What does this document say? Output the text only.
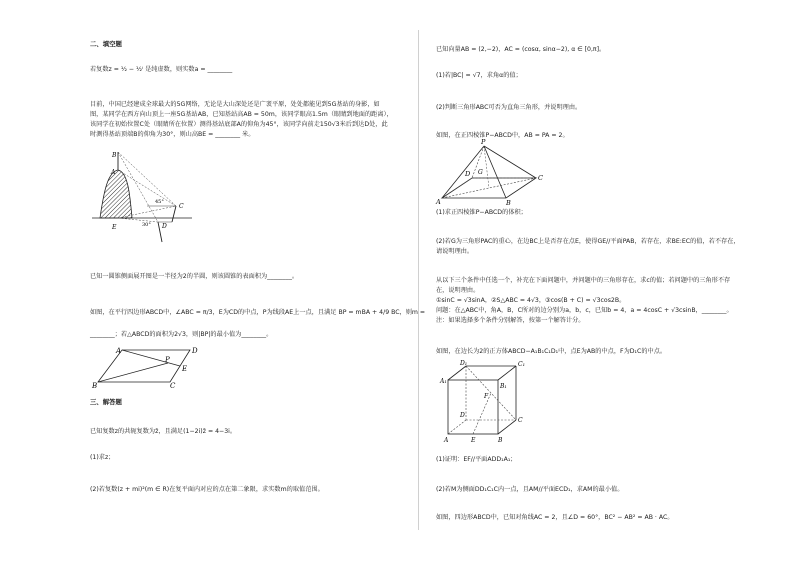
二、填空题
若复数z = ¹⁄₂ − ¹⁄₂ⁱ 是纯虚数，则实数a = ________
目前，中国已经建成全球最大的5G网络，无论是大山深处还是广袤平原，处处都能见到5G基站的身影，如
图，某同学在西方向山顶上一座5G基站AB，已知基站高AB = 50m，该同学眼高1.5m（眼睛到地面的距离），
该同学在初始位置C处（眼睛所在位置）测得基站底部A的仰角为45°，该同学向前走150√3米后到达D处，此
时测得基站顶端B的仰角为30°，则山高BE = ________ 米。
B
A
C
D
E
45°
30°
已知一圆锥侧面展开图是一半径为2的半圆，则该圆锥的表面积为________。
如图，在平行四边形ABCD中，∠ABC = π/3，E为CD的中点，P为线段AE上一点，且满足 BP = mBA + 4/9 BC，则m =
________；若△ABCD的面积为2√3，则|BP|的最小值为________。
A	D
E
P
B	C
三、解答题
已知复数z的共轭复数为z̄，且满足(1−2i)z̄ = 4−3i。
(1)求z；
(2)若复数(z + mi)²(m ∈ R)在复平面内对应的点在第二象限，求实数m的取值范围。
已知向量AB = (2,−2)，AC = (cosα, sinα−2), α ∈ [0,π]。
(1)若|BC| = √7，求角α的值；
(2)判断三角形ABC可否为直角三角形，并说明理由。
如图，在正四棱锥P−ABCD中，AB = PA = 2。
P
A	B
C
D G
(1)求正四棱锥P−ABCD的体积；
(2)若G为三角形PAC的重心，在边BC上是否存在点E，使得GE//平面PAB，若存在，求BE:EC的值，若不存在，
请说明理由。
从以下三个条件中任选一个，补充在下面问题中，并问题中的三角形存在，求c的值；若问题中的三角形不存
在，说明理由。
①sinC = √3sinA，②S△ABC = 4√3，③cos(B + C) = √3cos2B。
问题：在△ABC中，角A，B，C所对的边分别为a，b，c，已知b = 4，a = 4cosC + √3csinB，________。
注：如果选择多个条件分别解答，按第一个解答计分。
如图，在边长为2的正方体ABCD−A₁B₁C₁D₁中，点E为AB的中点，F为D₁C的中点。
D₁	C₁
A₁
B₁
D
C
A	B
E
F
(1)证明：EF//平面ADD₁A₁；
(2)若M为侧面DD₁C₁C内一点，且AM//平面ECD₁，求AM的最小值。
如图，四边形ABCD中，已知对角线AC = 2，且∠D = 60°，BC² − AB² = AB · AC。
